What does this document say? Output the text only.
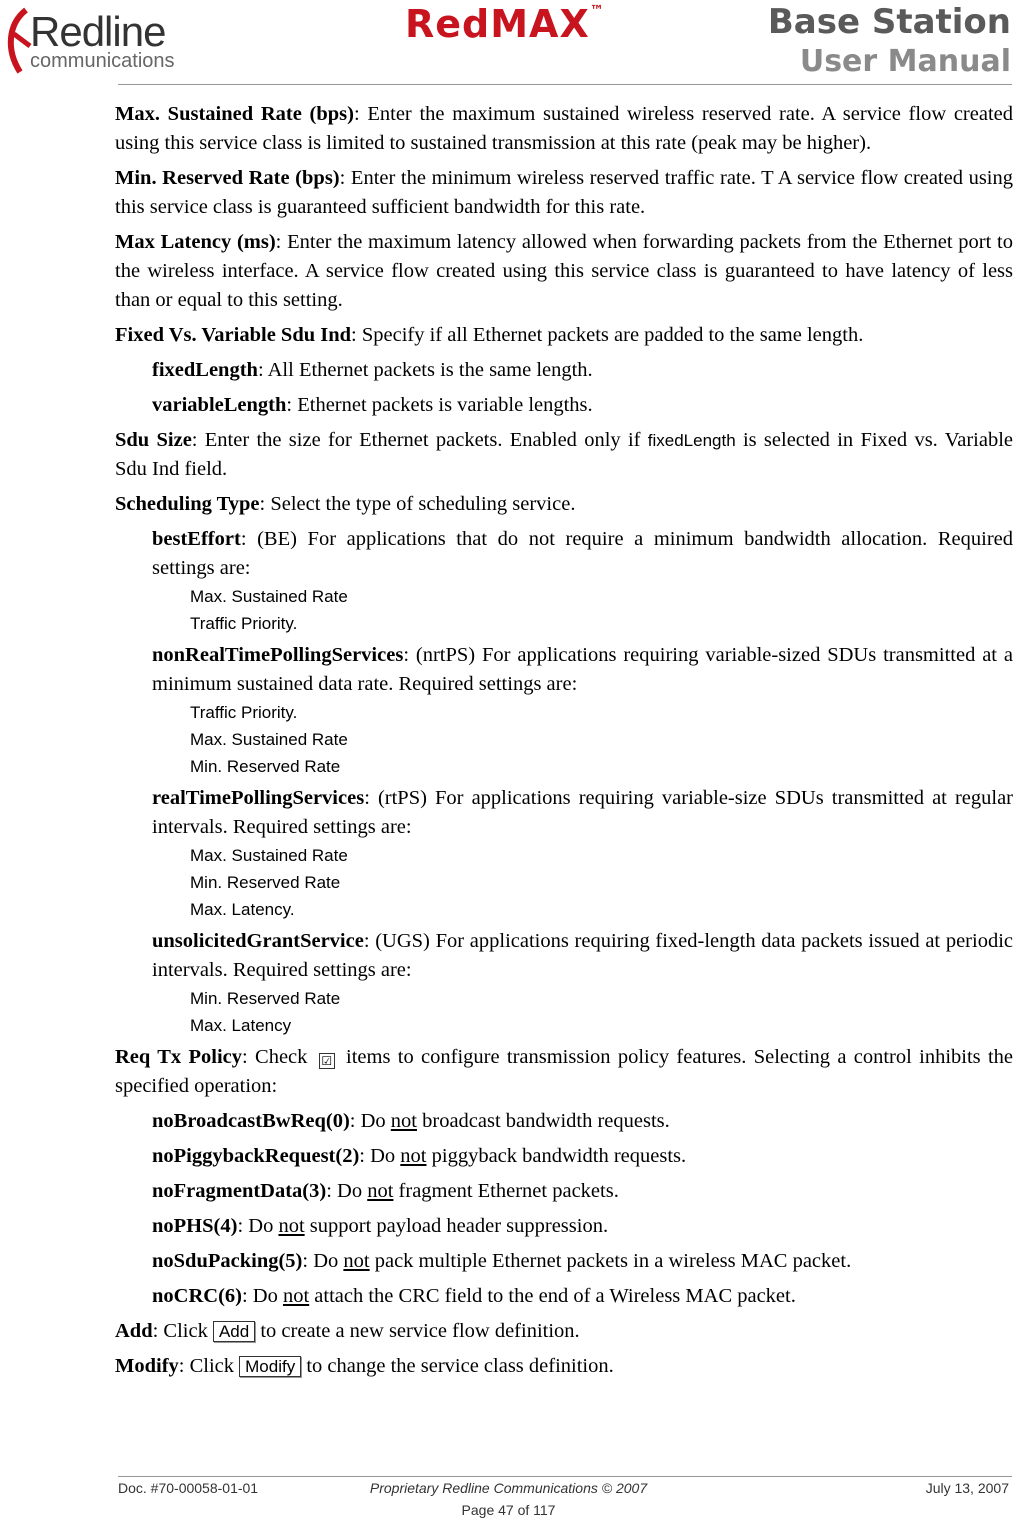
Redline
communications
RedMAX™	Base Station
User Manual

Max. Sustained Rate (bps): Enter the maximum sustained wireless reserved rate. A service flow created using this service class is limited to sustained transmission at this rate (peak may be higher).

Min. Reserved Rate (bps): Enter the minimum wireless reserved traffic rate. T A service flow created using this service class is guaranteed sufficient bandwidth for this rate.

Max Latency (ms): Enter the maximum latency allowed when forwarding packets from the Ethernet port to the wireless interface. A service flow created using this service class is guaranteed to have latency of less than or equal to this setting.

Fixed Vs. Variable Sdu Ind: Specify if all Ethernet packets are padded to the same length.

fixedLength: All Ethernet packets is the same length.

variableLength: Ethernet packets is variable lengths.

Sdu Size: Enter the size for Ethernet packets. Enabled only if fixedLength is selected in Fixed vs. Variable Sdu Ind field.

Scheduling Type: Select the type of scheduling service.

bestEffort: (BE) For applications that do not require a minimum bandwidth allocation. Required settings are:

Max. Sustained Rate

Traffic Priority.

nonRealTimePollingServices: (nrtPS) For applications requiring variable-sized SDUs transmitted at a minimum sustained data rate. Required settings are:

Traffic Priority.

Max. Sustained Rate

Min. Reserved Rate

realTimePollingServices: (rtPS) For applications requiring variable-size SDUs transmitted at regular intervals. Required settings are:

Max. Sustained Rate

Min. Reserved Rate

Max. Latency.

unsolicitedGrantService: (UGS) For applications requiring fixed-length data packets issued at periodic intervals. Required settings are:

Min. Reserved Rate

Max. Latency

Req Tx Policy: Check ☑ items to configure transmission policy features. Selecting a control inhibits the specified operation:

noBroadcastBwReq(0): Do not broadcast bandwidth requests.

noPiggybackRequest(2): Do not piggyback bandwidth requests.

noFragmentData(3): Do not fragment Ethernet packets.

noPHS(4): Do not support payload header suppression.

noSduPacking(5): Do not pack multiple Ethernet packets in a wireless MAC packet.

noCRC(6): Do not attach the CRC field to the end of a Wireless MAC packet.

Add: Click Add to create a new service flow definition.

Modify: Click Modify to change the service class definition.

Doc. #70-00058-01-01	Proprietary Redline Communications © 2007	July 13, 2007
Page 47 of 117
